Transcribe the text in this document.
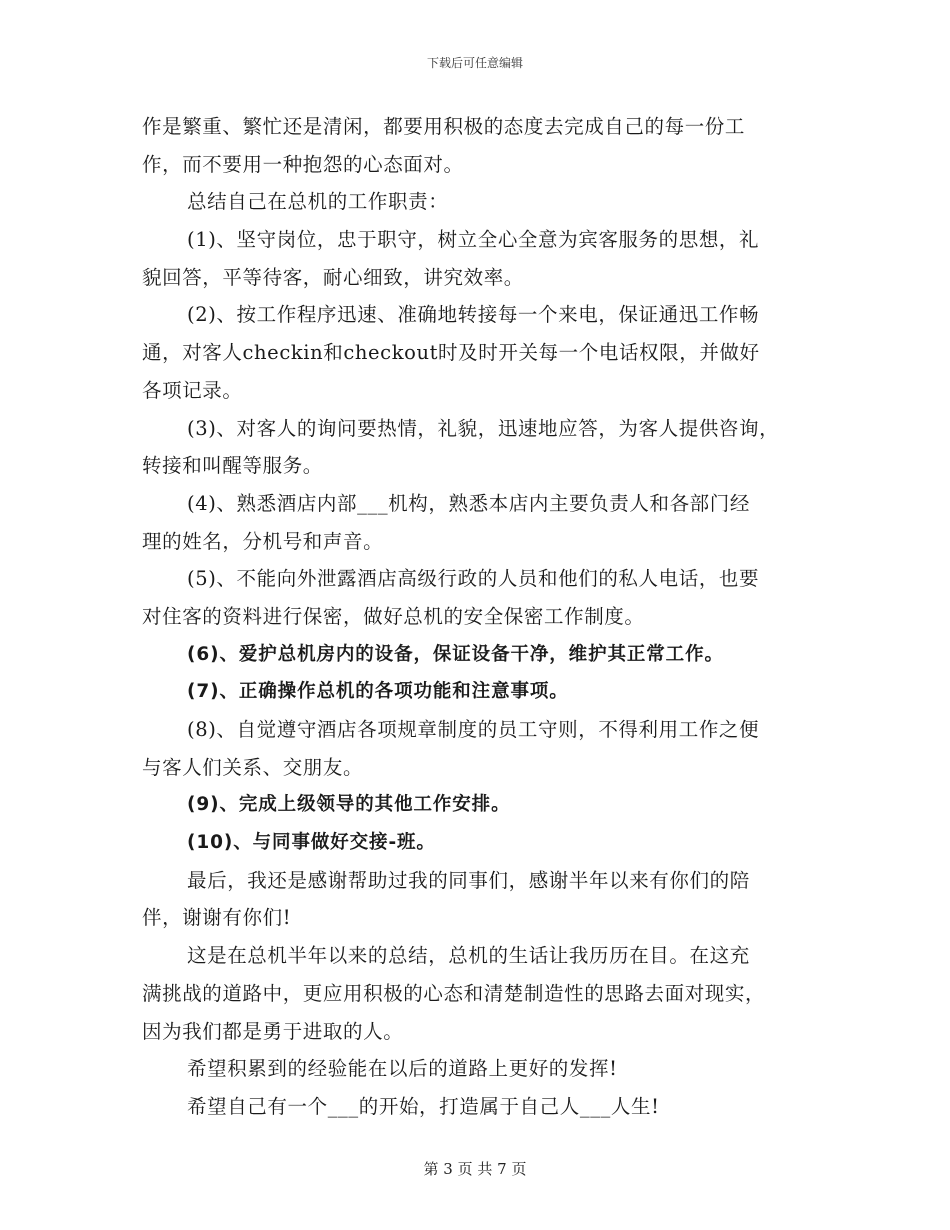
下载后可任意编辑
作是繁重、繁忙还是清闲，都要用积极的态度去完成自己的每一份工
作，而不要用一种抱怨的心态面对。
总结自己在总机的工作职责：
(1)、坚守岗位，忠于职守，树立全心全意为宾客服务的思想，礼
貌回答，平等待客，耐心细致，讲究效率。
(2)、按工作程序迅速、准确地转接每一个来电，保证通迅工作畅
通，对客人checkin和checkout时及时开关每一个电话权限，并做好
各项记录。
(3)、对客人的询问要热情，礼貌，迅速地应答，为客人提供咨询，
转接和叫醒等服务。
(4)、熟悉酒店内部___机构，熟悉本店内主要负责人和各部门经
理的姓名，分机号和声音。
(5)、不能向外泄露酒店高级行政的人员和他们的私人电话，也要
对住客的资料进行保密，做好总机的安全保密工作制度。
(6)、爱护总机房内的设备，保证设备干净，维护其正常工作。
(7)、正确操作总机的各项功能和注意事项。
(8)、自觉遵守酒店各项规章制度的员工守则，不得利用工作之便
与客人们关系、交朋友。
(9)、完成上级领导的其他工作安排。
(10)、与同事做好交接-班。
最后，我还是感谢帮助过我的同事们，感谢半年以来有你们的陪
伴，谢谢有你们!
这是在总机半年以来的总结，总机的生话让我历历在目。在这充
满挑战的道路中，更应用积极的心态和清楚制造性的思路去面对现实，
因为我们都是勇于进取的人。
希望积累到的经验能在以后的道路上更好的发挥!
希望自己有一个___的开始，打造属于自己人___人生!
第 3 页 共 7 页
